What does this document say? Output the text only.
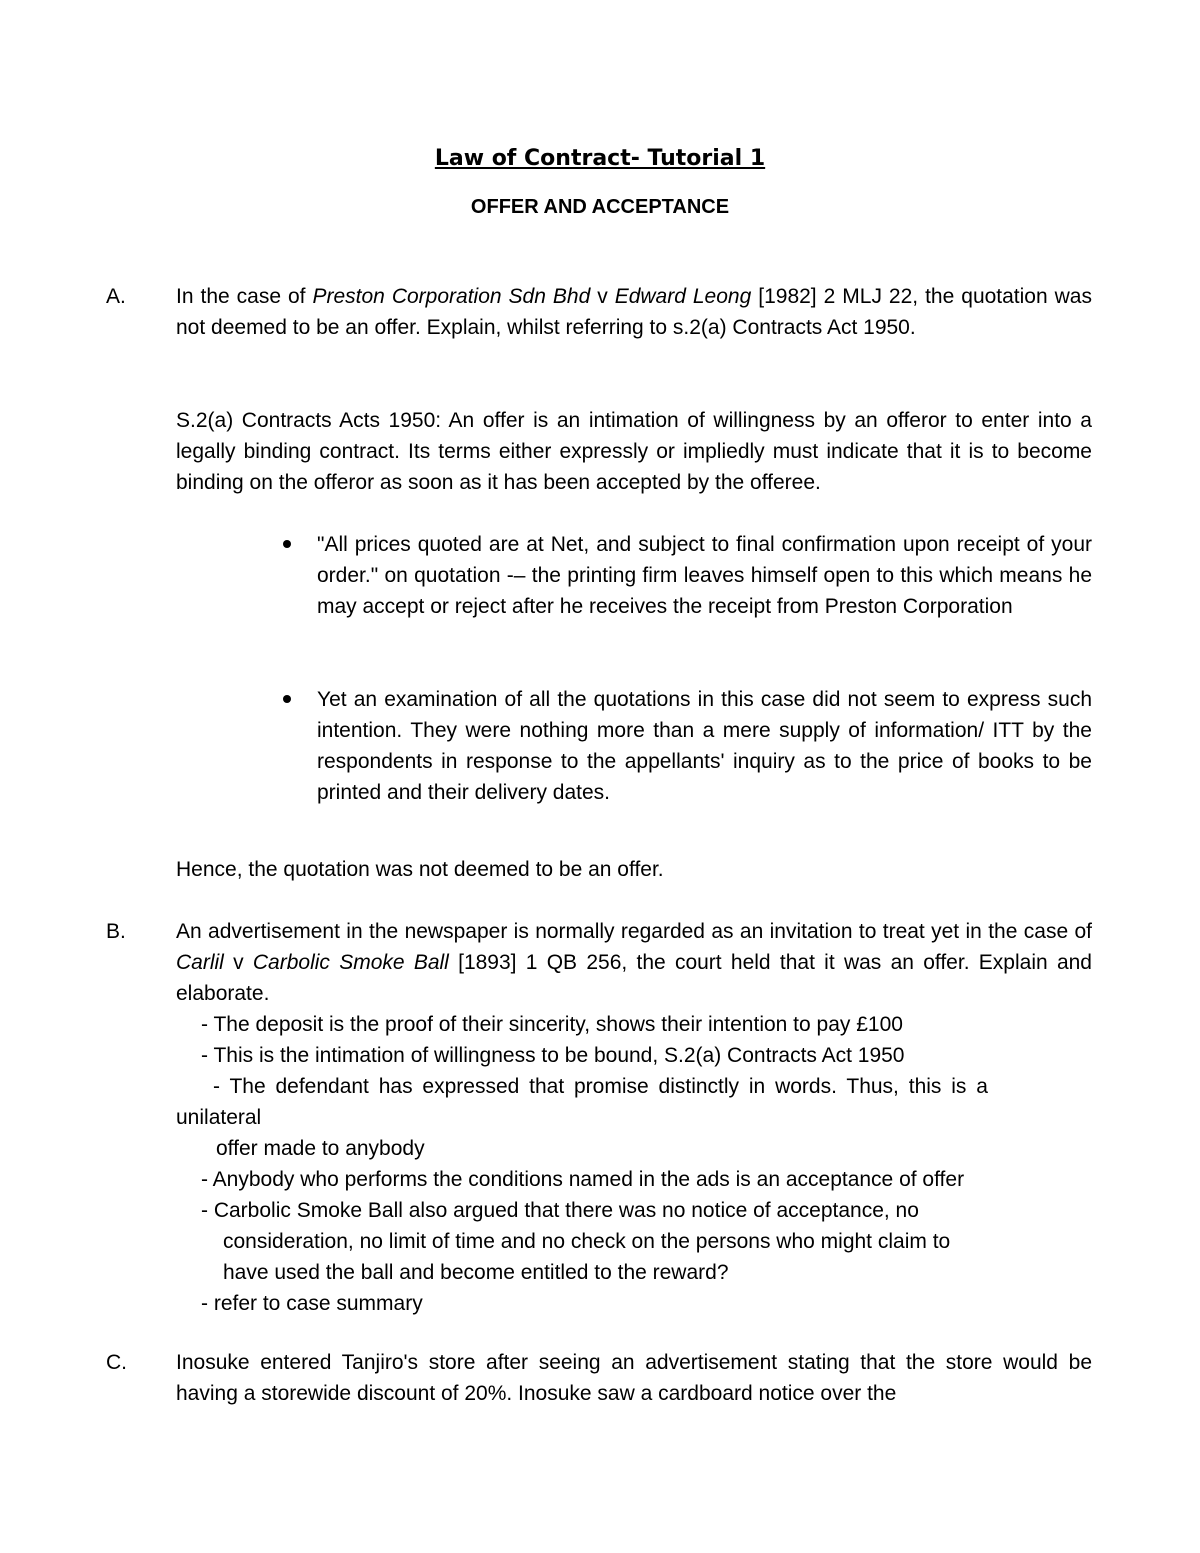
Law of Contract- Tutorial 1
OFFER AND ACCEPTANCE
A.	In the case of Preston Corporation Sdn Bhd v Edward Leong [1982] 2 MLJ 22, the quotation was not deemed to be an offer. Explain, whilst referring to s.2(a) Contracts Act 1950.
S.2(a) Contracts Acts 1950: An offer is an intimation of willingness by an offeror to enter into a legally binding contract. Its terms either expressly or impliedly must indicate that it is to become binding on the offeror as soon as it has been accepted by the offeree.
"All prices quoted are at Net, and subject to final confirmation upon receipt of your order." on quotation -– the printing firm leaves himself open to this which means he may accept or reject after he receives the receipt from Preston Corporation
Yet an examination of all the quotations in this case did not seem to express such intention. They were nothing more than a mere supply of information/ ITT by the respondents in response to the appellants' inquiry as to the price of books to be printed and their delivery dates.
Hence, the quotation was not deemed to be an offer.
B.	An advertisement in the newspaper is normally regarded as an invitation to treat yet in the case of Carlil v Carbolic Smoke Ball [1893] 1 QB 256, the court held that it was an offer. Explain and elaborate.
- The deposit is the proof of their sincerity, shows their intention to pay £100
- This is the intimation of willingness to be bound, S.2(a) Contracts Act 1950
- The defendant has expressed that promise distinctly in words. Thus, this is a
unilateral
offer made to anybody
- Anybody who performs the conditions named in the ads is an acceptance of offer
- Carbolic Smoke Ball also argued that there was no notice of acceptance, no
consideration, no limit of time and no check on the persons who might claim to
have used the ball and become entitled to the reward?
- refer to case summary
C.	Inosuke entered Tanjiro's store after seeing an advertisement stating that the store would be having a storewide discount of 20%. Inosuke saw a cardboard notice over the
